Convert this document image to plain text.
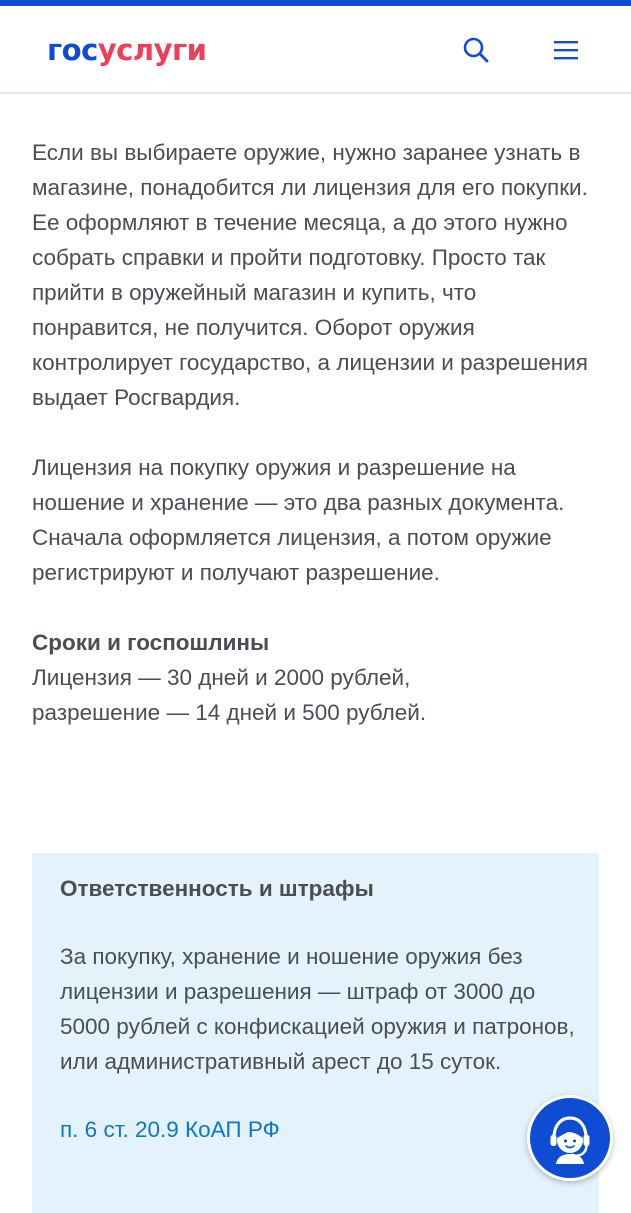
госуслуги

Если вы выбираете оружие, нужно заранее узнать в магазине, понадобится ли лицензия для его покупки. Ее оформляют в течение месяца, а до этого нужно собрать справки и пройти подготовку. Просто так прийти в оружейный магазин и купить, что понравится, не получится. Оборот оружия контролирует государство, а лицензии и разрешения выдает Росгвардия.

Лицензия на покупку оружия и разрешение на ношение и хранение — это два разных документа. Сначала оформляется лицензия, а потом оружие регистрируют и получают разрешение.

Сроки и госпошлины

Лицензия — 30 дней и 2000 рублей,

разрешение — 14 дней и 500 рублей.

Ответственность и штрафы
За покупку, хранение и ношение оружия без лицензии и разрешения — штраф от 3000 до 5000 рублей с конфискацией оружия и патронов, или административный арест до 15 суток.
п. 6 ст. 20.9 КоАП РФ
